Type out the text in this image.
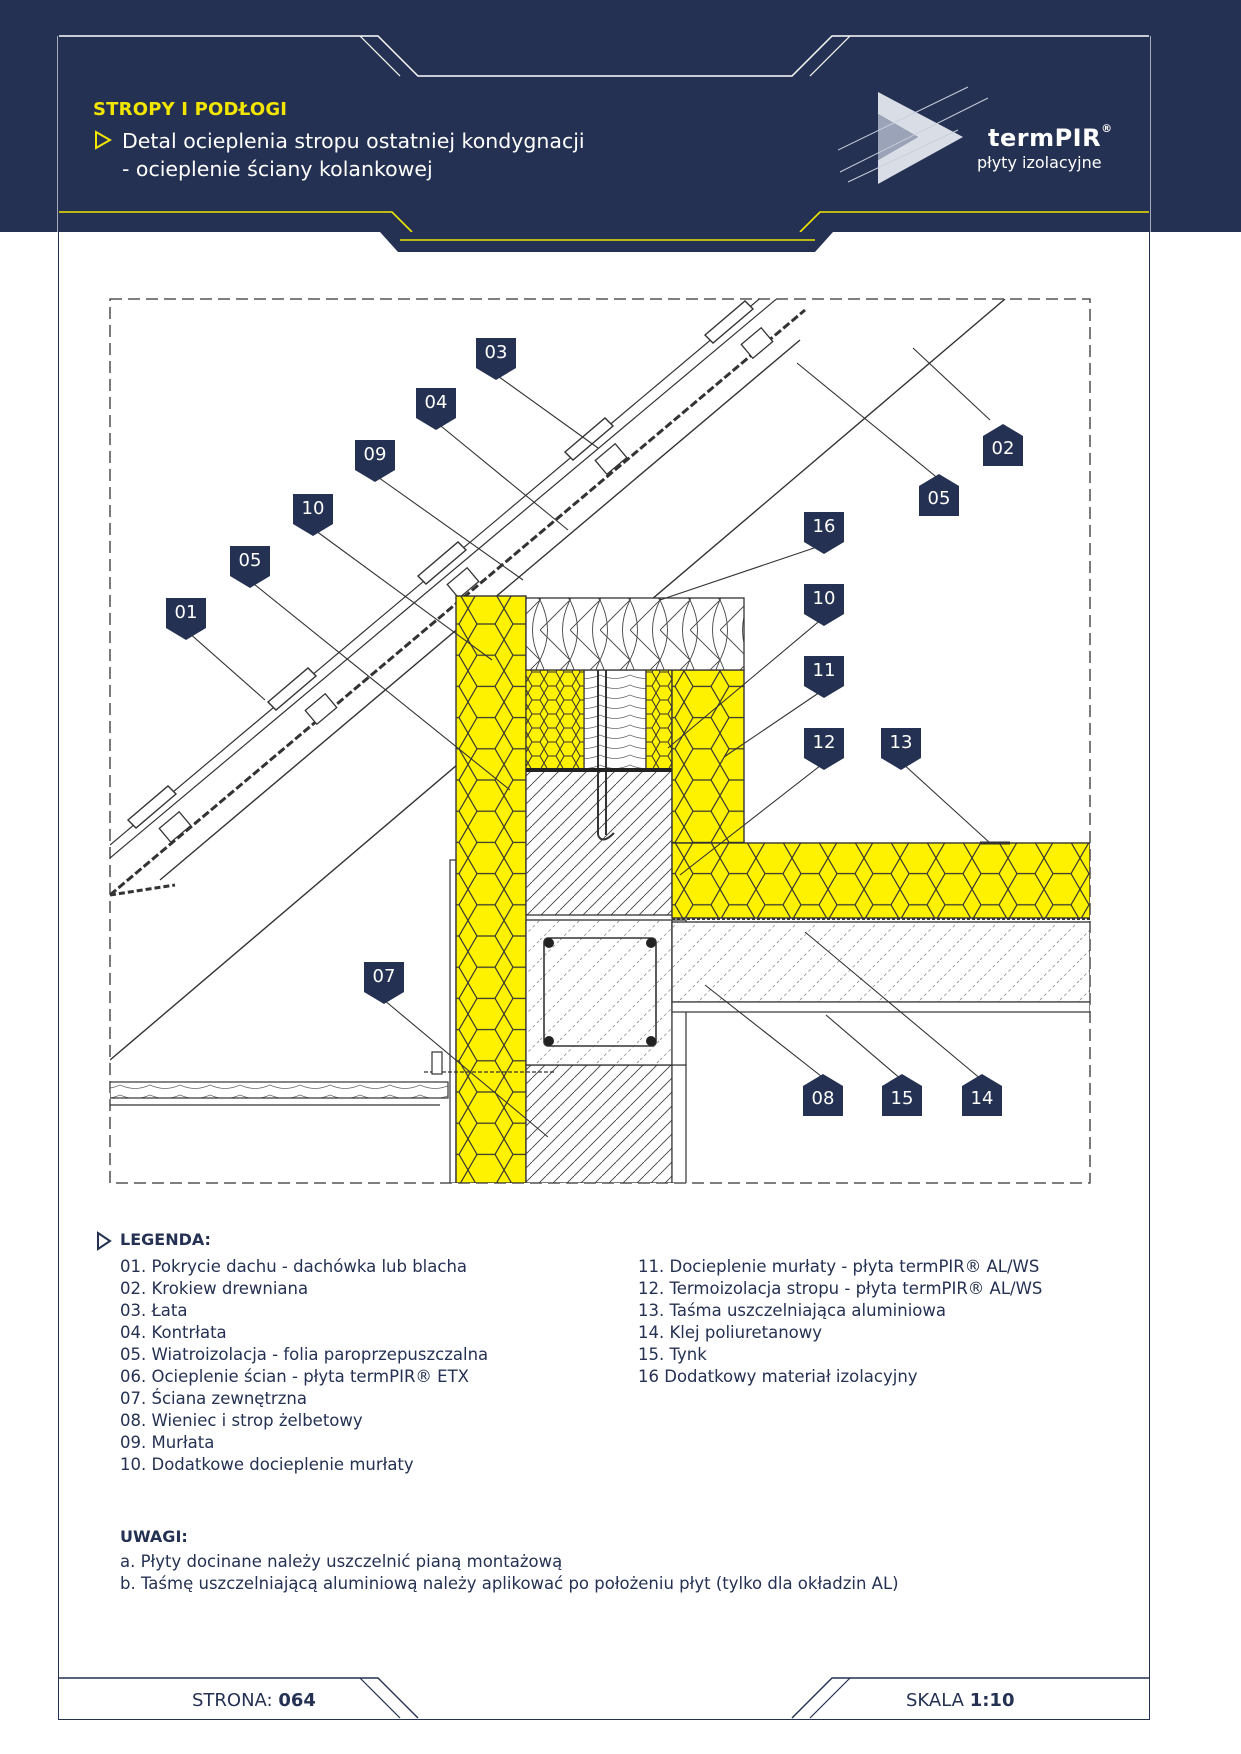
STROPY I PODŁOGI
Detal ocieplenia stropu ostatniej kondygnacji
- ocieplenie ściany kolankowej
termPIR®
płyty izolacyjne
03
04
09
10
05
01
02
05
16
10
11
12	13
07
08	15	14
LEGENDA:
01. Pokrycie dachu - dachówka lub blacha
02. Krokiew drewniana
03. Łata
04. Kontrłata
05. Wiatroizolacja - folia paroprzepuszczalna
06. Ocieplenie ścian - płyta termPIR® ETX
07. Ściana zewnętrzna
08. Wieniec i strop żelbetowy
09. Murłata
10. Dodatkowe docieplenie murłaty
11. Docieplenie murłaty - płyta termPIR® AL/WS
12. Termoizolacja stropu - płyta termPIR® AL/WS
13. Taśma uszczelniająca aluminiowa
14. Klej poliuretanowy
15. Tynk
16 Dodatkowy materiał izolacyjny
UWAGI:
a. Płyty docinane należy uszczelnić pianą montażową
b. Taśmę uszczelniającą aluminiową należy aplikować po położeniu płyt (tylko dla okładzin AL)
STRONA: 064	SKALA 1:10
